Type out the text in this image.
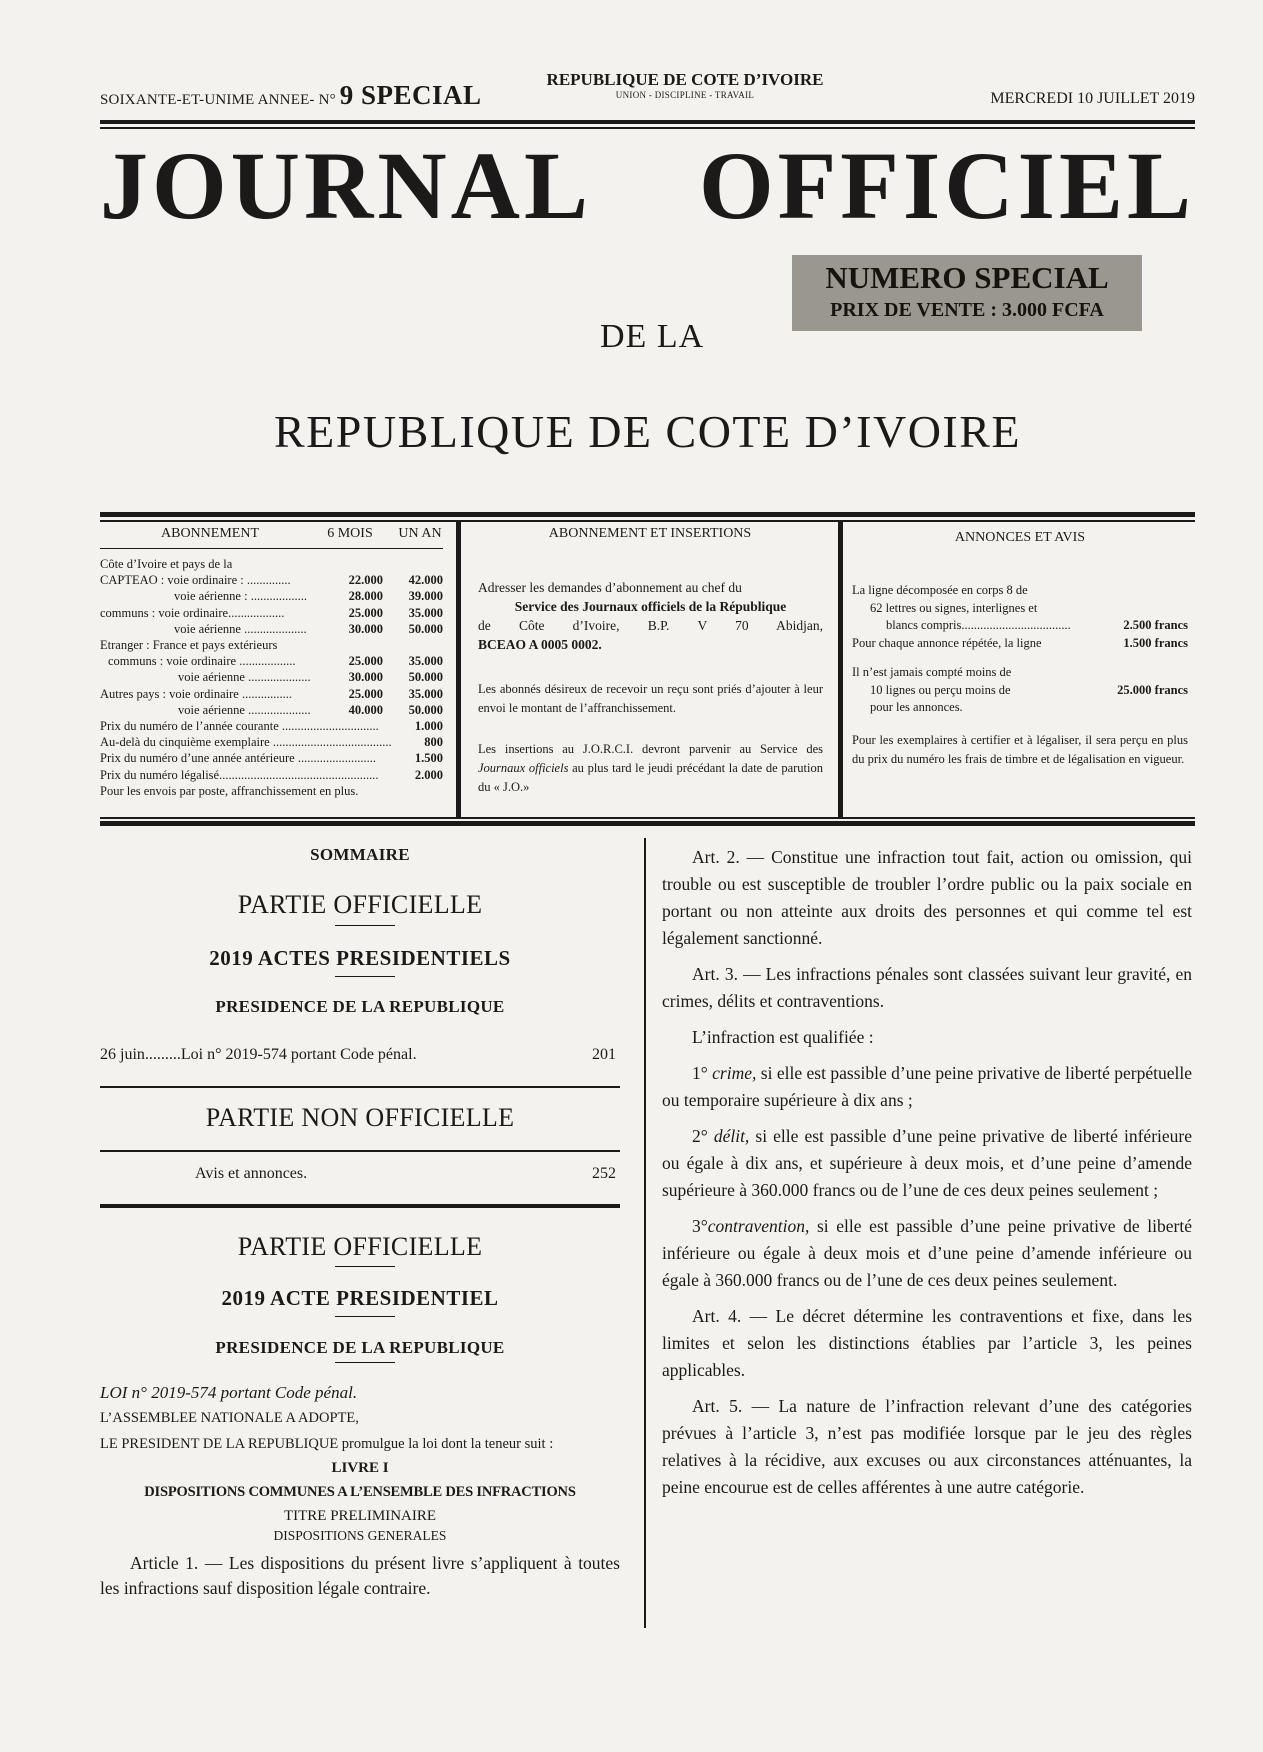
SOIXANTE-ET-UNIME ANNEE- N° 9 SPECIAL
REPUBLIQUE DE COTE D’IVOIRE
UNION - DISCIPLINE - TRAVAIL	MERCREDI 10 JUILLET 2019
JOURNAL OFFICIEL
NUMERO SPECIAL
PRIX DE VENTE : 3.000 FCFA
DE LA
REPUBLIQUE DE COTE D’IVOIRE
ABONNEMENT	6 MOIS	UN AN
Côte d’Ivoire et pays de la
CAPTEAO : voie ordinaire : ..............	22.000	42.000
voie aérienne : ..................	28.000	39.000
communs : voie ordinaire..................	25.000	35.000
voie aérienne ....................	30.000	50.000
Etranger : France et pays extérieurs
communs : voie ordinaire ..................	25.000	35.000
voie aérienne ....................	30.000	50.000
Autres pays : voie ordinaire ................	25.000	35.000
voie aérienne ....................	40.000	50.000
Prix du numéro de l’année courante ...............................	1.000
Au-delà du cinquième exemplaire ......................................	800
Prix du numéro d’une année antérieure .........................	1.500
Prix du numéro légalisé...................................................	2.000
Pour les envois par poste, affranchissement en plus.
ABONNEMENT ET INSERTIONS
Adresser les demandes d’abonnement au chef du
Service des Journaux officiels de la République
de Côte d’Ivoire, B.P. V 70 Abidjan,
BCEAO A 0005 0002.
Les abonnés désireux de recevoir un reçu sont priés d’ajouter à leur envoi le montant de l’affranchissement.
Les insertions au J.O.R.C.I. devront parvenir au Service des Journaux officiels au plus tard le jeudi précédant la date de parution du « J.O.»
ANNONCES ET AVIS
La ligne décomposée en corps 8 de
62 lettres ou signes, interlignes et
blancs compris...................................	2.500 francs
Pour chaque annonce répétée, la ligne	1.500 francs
Il n’est jamais compté moins de
10 lignes ou perçu moins de	25.000 francs
pour les annonces.
Pour les exemplaires à certifier et à légaliser, il sera perçu en plus du prix du numéro les frais de timbre et de légalisation en vigueur.
SOMMAIRE
PARTIE OFFICIELLE
2019 ACTES PRESIDENTIELS
PRESIDENCE DE LA REPUBLIQUE
26 juin.........Loi n° 2019-574 portant Code pénal.	201
PARTIE NON OFFICIELLE
Avis et annonces.	252
PARTIE OFFICIELLE
2019 ACTE PRESIDENTIEL
PRESIDENCE DE LA REPUBLIQUE
LOI n° 2019-574 portant Code pénal.
L’ASSEMBLEE NATIONALE A ADOPTE,
LE PRESIDENT DE LA REPUBLIQUE promulgue la loi dont la teneur suit :
LIVRE I
DISPOSITIONS COMMUNES A L’ENSEMBLE DES INFRACTIONS
TITRE PRELIMINAIRE
DISPOSITIONS GENERALES

Article 1. — Les dispositions du présent livre s’appliquent à toutes les infractions sauf disposition légale contraire.

Art. 2. — Constitue une infraction tout fait, action ou omission, qui trouble ou est susceptible de troubler l’ordre public ou la paix sociale en portant ou non atteinte aux droits des personnes et qui comme tel est légalement sanctionné.

Art. 3. — Les infractions pénales sont classées suivant leur gravité, en crimes, délits et contraventions.

L’infraction est qualifiée :

1° crime, si elle est passible d’une peine privative de liberté perpétuelle ou temporaire supérieure à dix ans ;

2° délit, si elle est passible d’une peine privative de liberté inférieure ou égale à dix ans, et supérieure à deux mois, et d’une peine d’amende supérieure à 360.000 francs ou de l’une de ces deux peines seulement ;

3°contravention, si elle est passible d’une peine privative de liberté inférieure ou égale à deux mois et d’une peine d’amende inférieure ou égale à 360.000 francs ou de l’une de ces deux peines seulement.

Art. 4. — Le décret détermine les contraventions et fixe, dans les limites et selon les distinctions établies par l’article 3, les peines applicables.

Art. 5. — La nature de l’infraction relevant d’une des catégories prévues à l’article 3, n’est pas modifiée lorsque par le jeu des règles relatives à la récidive, aux excuses ou aux circonstances atténuantes, la peine encourue est de celles afférentes à une autre catégorie.
